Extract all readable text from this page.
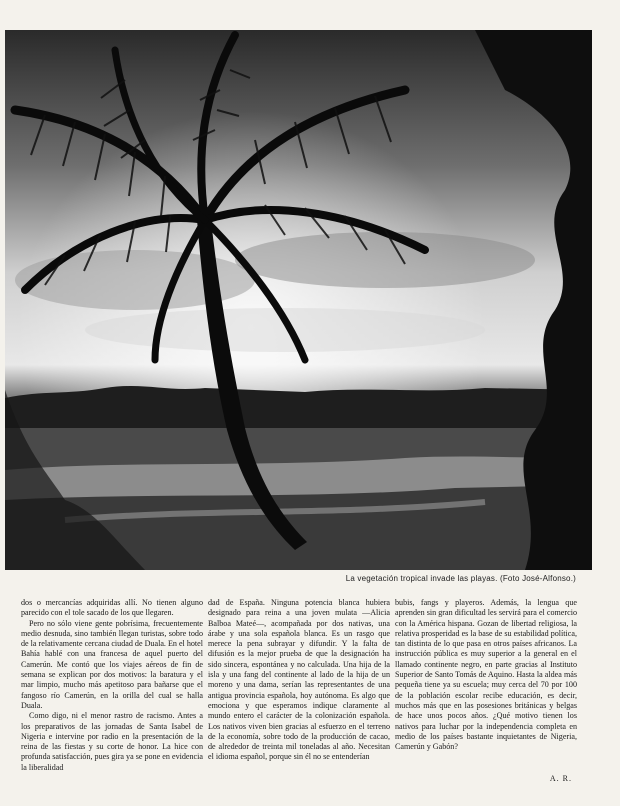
La vegetación tropical invade las playas. (Foto José-Alfonso.)

dos o mercancías adquiridas allí. No tienen alguno parecido con el tole sacado de los que llegaren.

Pero no sólo viene gente pobrísima, frecuentemente medio desnuda, sino también llegan turistas, sobre todo de la relativamente cercana ciudad de Duala. En el hotel Bahía hablé con una francesa de aquel puerto del Camerún. Me contó que los viajes aéreos de fin de semana se explican por dos motivos: la baratura y el mar limpio, mucho más apetitoso para bañarse que el fangoso río Camerún, en la orilla del cual se halla Duala.

Como digo, ni el menor rastro de racismo. Antes a los preparativos de las jornadas de Santa Isabel de Nigeria e intervine por radio en la presentación de la reina de las fiestas y su corte de honor. La hice con profunda satisfacción, pues gira ya se pone en evidencia la liberalidad

dad de España. Ninguna potencia blanca hubiera designado para reina a una joven mulata —Alicia Balboa Mateé—, acompañada por dos nativas, una árabe y una sola española blanca. Es un rasgo que merece la pena subrayar y difundir. Y la falta de difusión es la mejor prueba de que la designación ha sido sincera, espontánea y no calculada. Una hija de la isla y una fang del continente al lado de la hija de un moreno y una dama, serían las representantes de una antigua provincia española, hoy autónoma. Es algo que emociona y que esperamos indique claramente al mundo entero el carácter de la colonización española. Los nativos viven bien gracias al esfuerzo en el terreno de la economía, sobre todo de la producción de cacao, de alrededor de treinta mil toneladas al año. Necesitan el idioma español, porque sin él no se entenderían

bubis, fangs y playeros. Además, la lengua que aprenden sin gran dificultad les servirá para el comercio con la América hispana. Gozan de libertad religiosa, la relativa prosperidad es la base de su estabilidad política, tan distinta de lo que pasa en otros países africanos. La instrucción pública es muy superior a la general en el llamado continente negro, en parte gracias al Instituto Superior de Santo Tomás de Aquino. Hasta la aldea más pequeña tiene ya su escuela; muy cerca del 70 por 100 de la población escolar recibe educación, es decir, muchos más que en las posesiones británicas y belgas de hace unos pocos años. ¿Qué motivo tienen los nativos para luchar por la independencia completa en medio de los países bastante inquietantes de Nigeria, Camerún y Gabón?

A. R.
